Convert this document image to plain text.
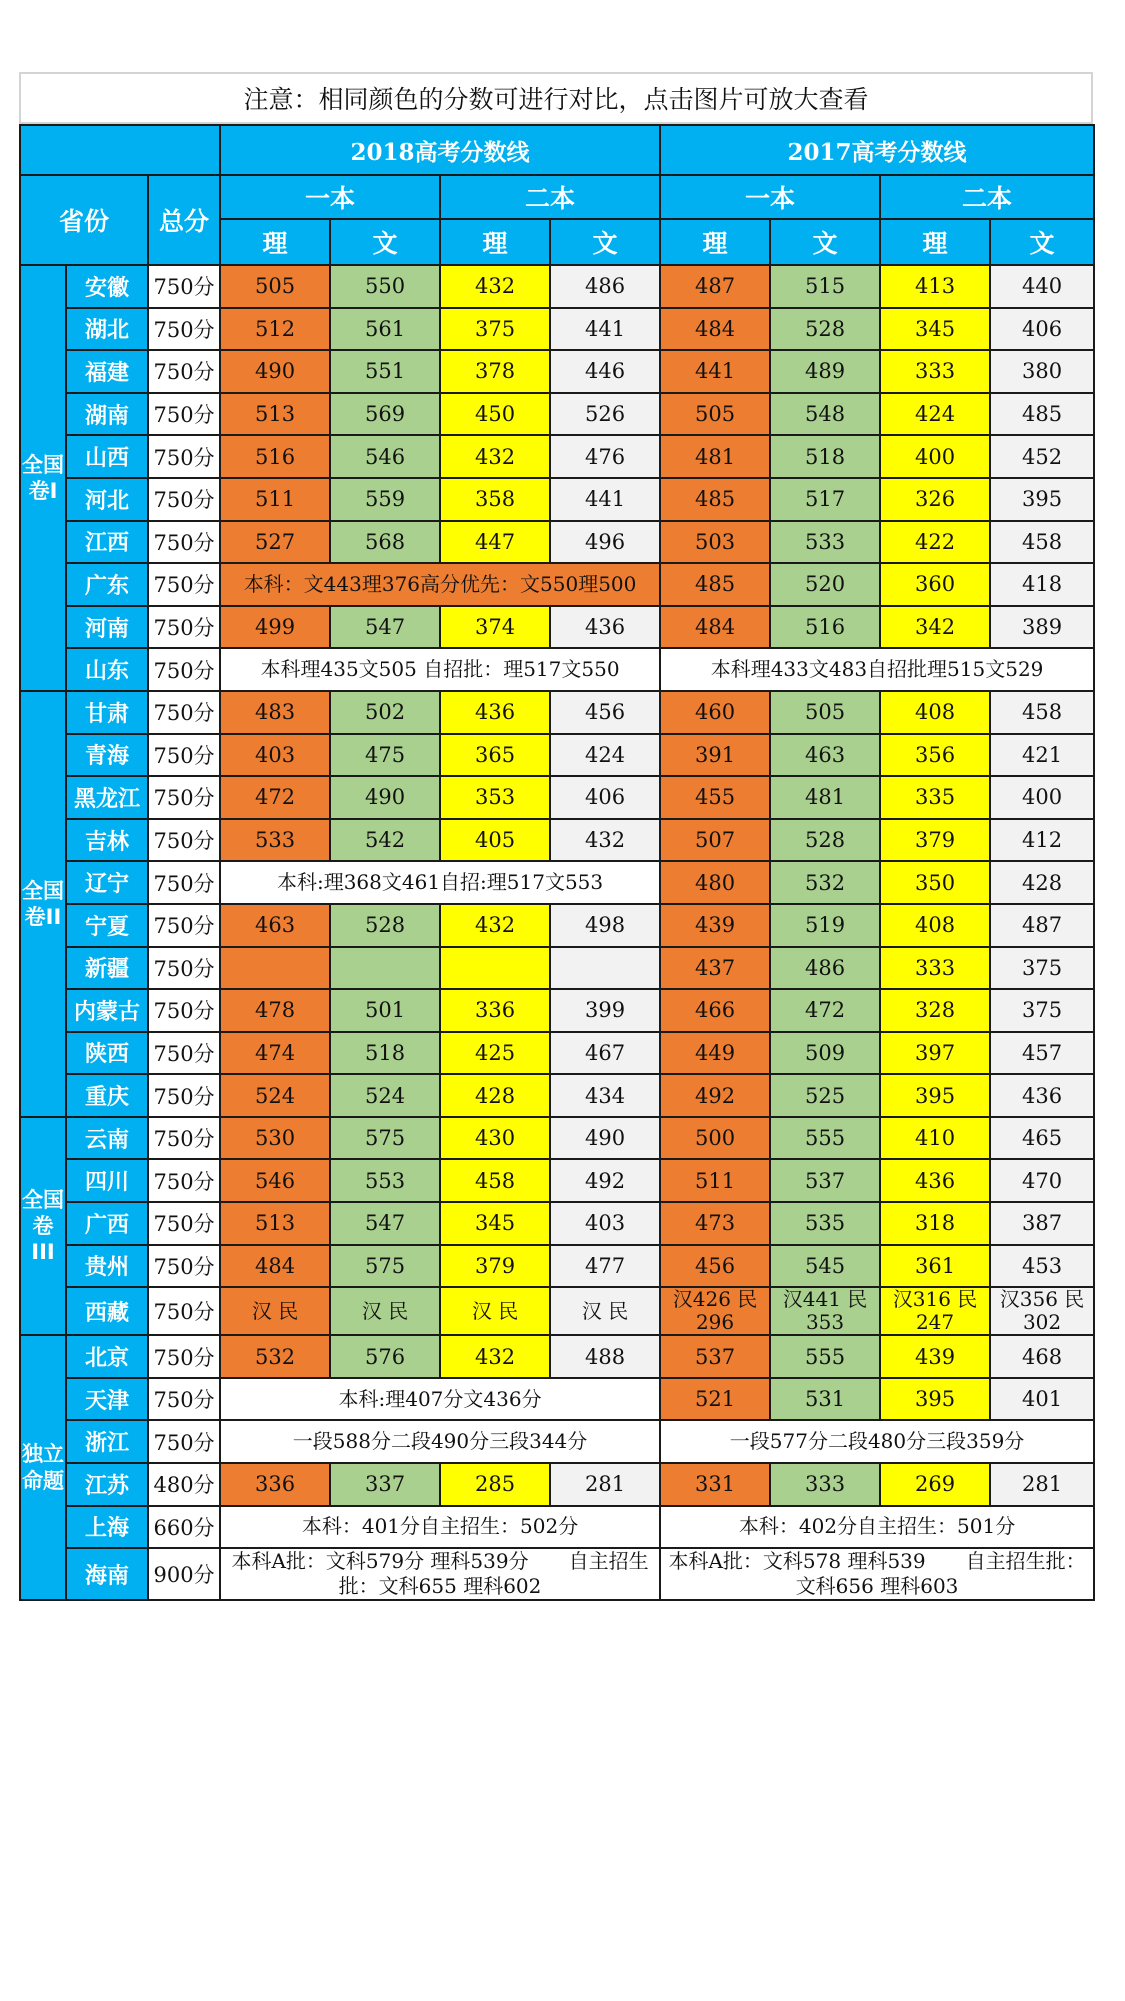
注意：相同颜色的分数可进行对比，点击图片可放大查看
			2018高考分数线				2017高考分数线			
省份		总分	一本		二本		一本		二本	
			理	文	理	文	理	文	理	文
全国
卷I	安徽	750分	505	550	432	486	487	515	413	440
	湖北	750分	512	561	375	441	484	528	345	406
	福建	750分	490	551	378	446	441	489	333	380
	湖南	750分	513	569	450	526	505	548	424	485
	山西	750分	516	546	432	476	481	518	400	452
	河北	750分	511	559	358	441	485	517	326	395
	江西	750分	527	568	447	496	503	533	422	458
	广东	750分	本科：文443理376高分优先：文550理500				485	520	360	418
	河南	750分	499	547	374	436	484	516	342	389
	山东	750分	本科理435文505 自招批：理517文550				本科理433文483自招批理515文529			
全国
卷II	甘肃	750分	483	502	436	456	460	505	408	458
	青海	750分	403	475	365	424	391	463	356	421
	黑龙江	750分	472	490	353	406	455	481	335	400
	吉林	750分	533	542	405	432	507	528	379	412
	辽宁	750分	本科:理368文461自招:理517文553				480	532	350	428
	宁夏	750分	463	528	432	498	439	519	408	487
	新疆	750分					437	486	333	375
	内蒙古	750分	478	501	336	399	466	472	328	375
	陕西	750分	474	518	425	467	449	509	397	457
	重庆	750分	524	524	428	434	492	525	395	436
全国
卷III	云南	750分	530	575	430	490	500	555	410	465
	四川	750分	546	553	458	492	511	537	436	470
	广西	750分	513	547	345	403	473	535	318	387
	贵州	750分	484	575	379	477	456	545	361	453
	西藏	750分	汉 民	汉 民	汉 民	汉 民	汉426 民296	汉441 民353	汉316 民247	汉356 民302
独立
命题	北京	750分	532	576	432	488	537	555	439	468
	天津	750分	本科:理407分文436分				521	531	395	401
	浙江	750分	一段588分二段490分三段344分				一段577分二段480分三段359分			
	江苏	480分	336	337	285	281	331	333	269	281
	上海	660分	本科：401分自主招生：502分				本科：402分自主招生：501分			
	海南	900分	本科A批：文科579分 理科539分　　自主招生批：文科655 理科602				本科A批：文科578 理科539　　自主招生批：文科656 理科603			
